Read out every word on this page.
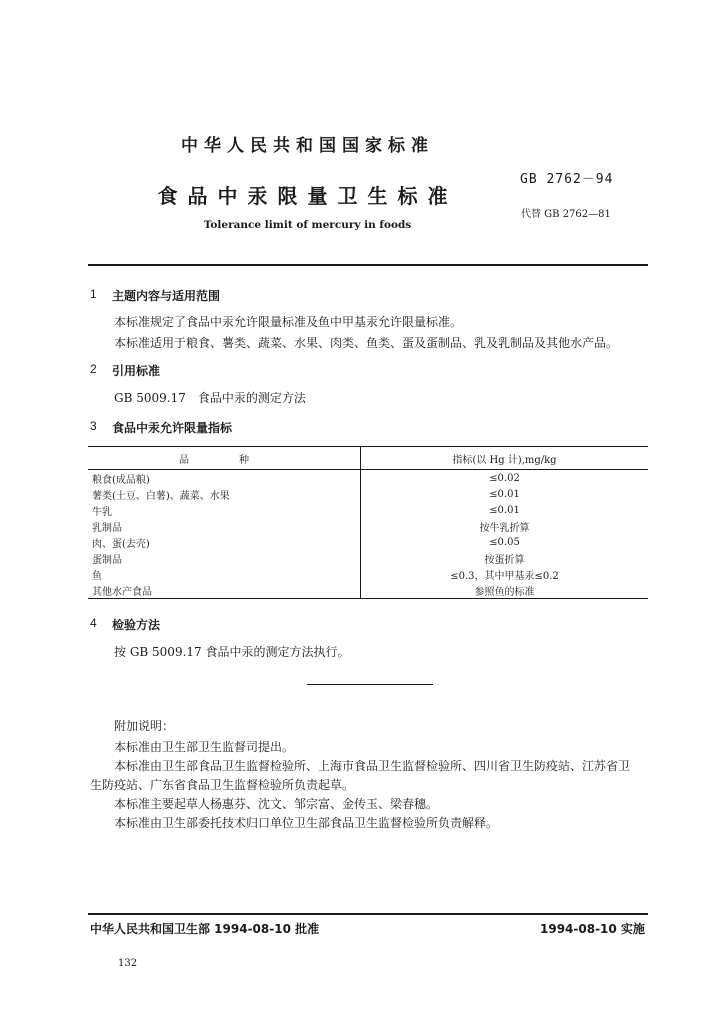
中华人民共和国国家标准
GB 2762－94
食品中汞限量卫生标准
代替 GB 2762—81
Tolerance limit of mercury in foods
1 主题内容与适用范围
本标准规定了食品中汞允许限量标准及鱼中甲基汞允许限量标准。
本标准适用于粮食、薯类、蔬菜、水果、肉类、鱼类、蛋及蛋制品、乳及乳制品及其他水产品。
2 引用标准
GB 5009.17　食品中汞的测定方法
3 食品中汞允许限量指标
品　种	指标(以 Hg 计),mg/kg
粮食(成品粮)	≤0.02
薯类(土豆、白薯)、蔬菜、水果	≤0.01
牛乳	≤0.01
乳制品	按牛乳折算
肉、蛋(去壳)	≤0.05
蛋制品	按蛋折算
鱼	≤0.3，其中甲基汞≤0.2
其他水产食品	参照鱼的标准
4 检验方法
按 GB 5009.17 食品中汞的测定方法执行。
附加说明：
本标准由卫生部卫生监督司提出。
本标准由卫生部食品卫生监督检验所、上海市食品卫生监督检验所、四川省卫生防疫站、江苏省卫
生防疫站、广东省食品卫生监督检验所负责起草。
本标准主要起草人杨惠芬、沈文、邹宗富、金传玉、梁春穗。
本标准由卫生部委托技术归口单位卫生部食品卫生监督检验所负责解释。
中华人民共和国卫生部 1994-08-10 批准	1994-08-10 实施
132
